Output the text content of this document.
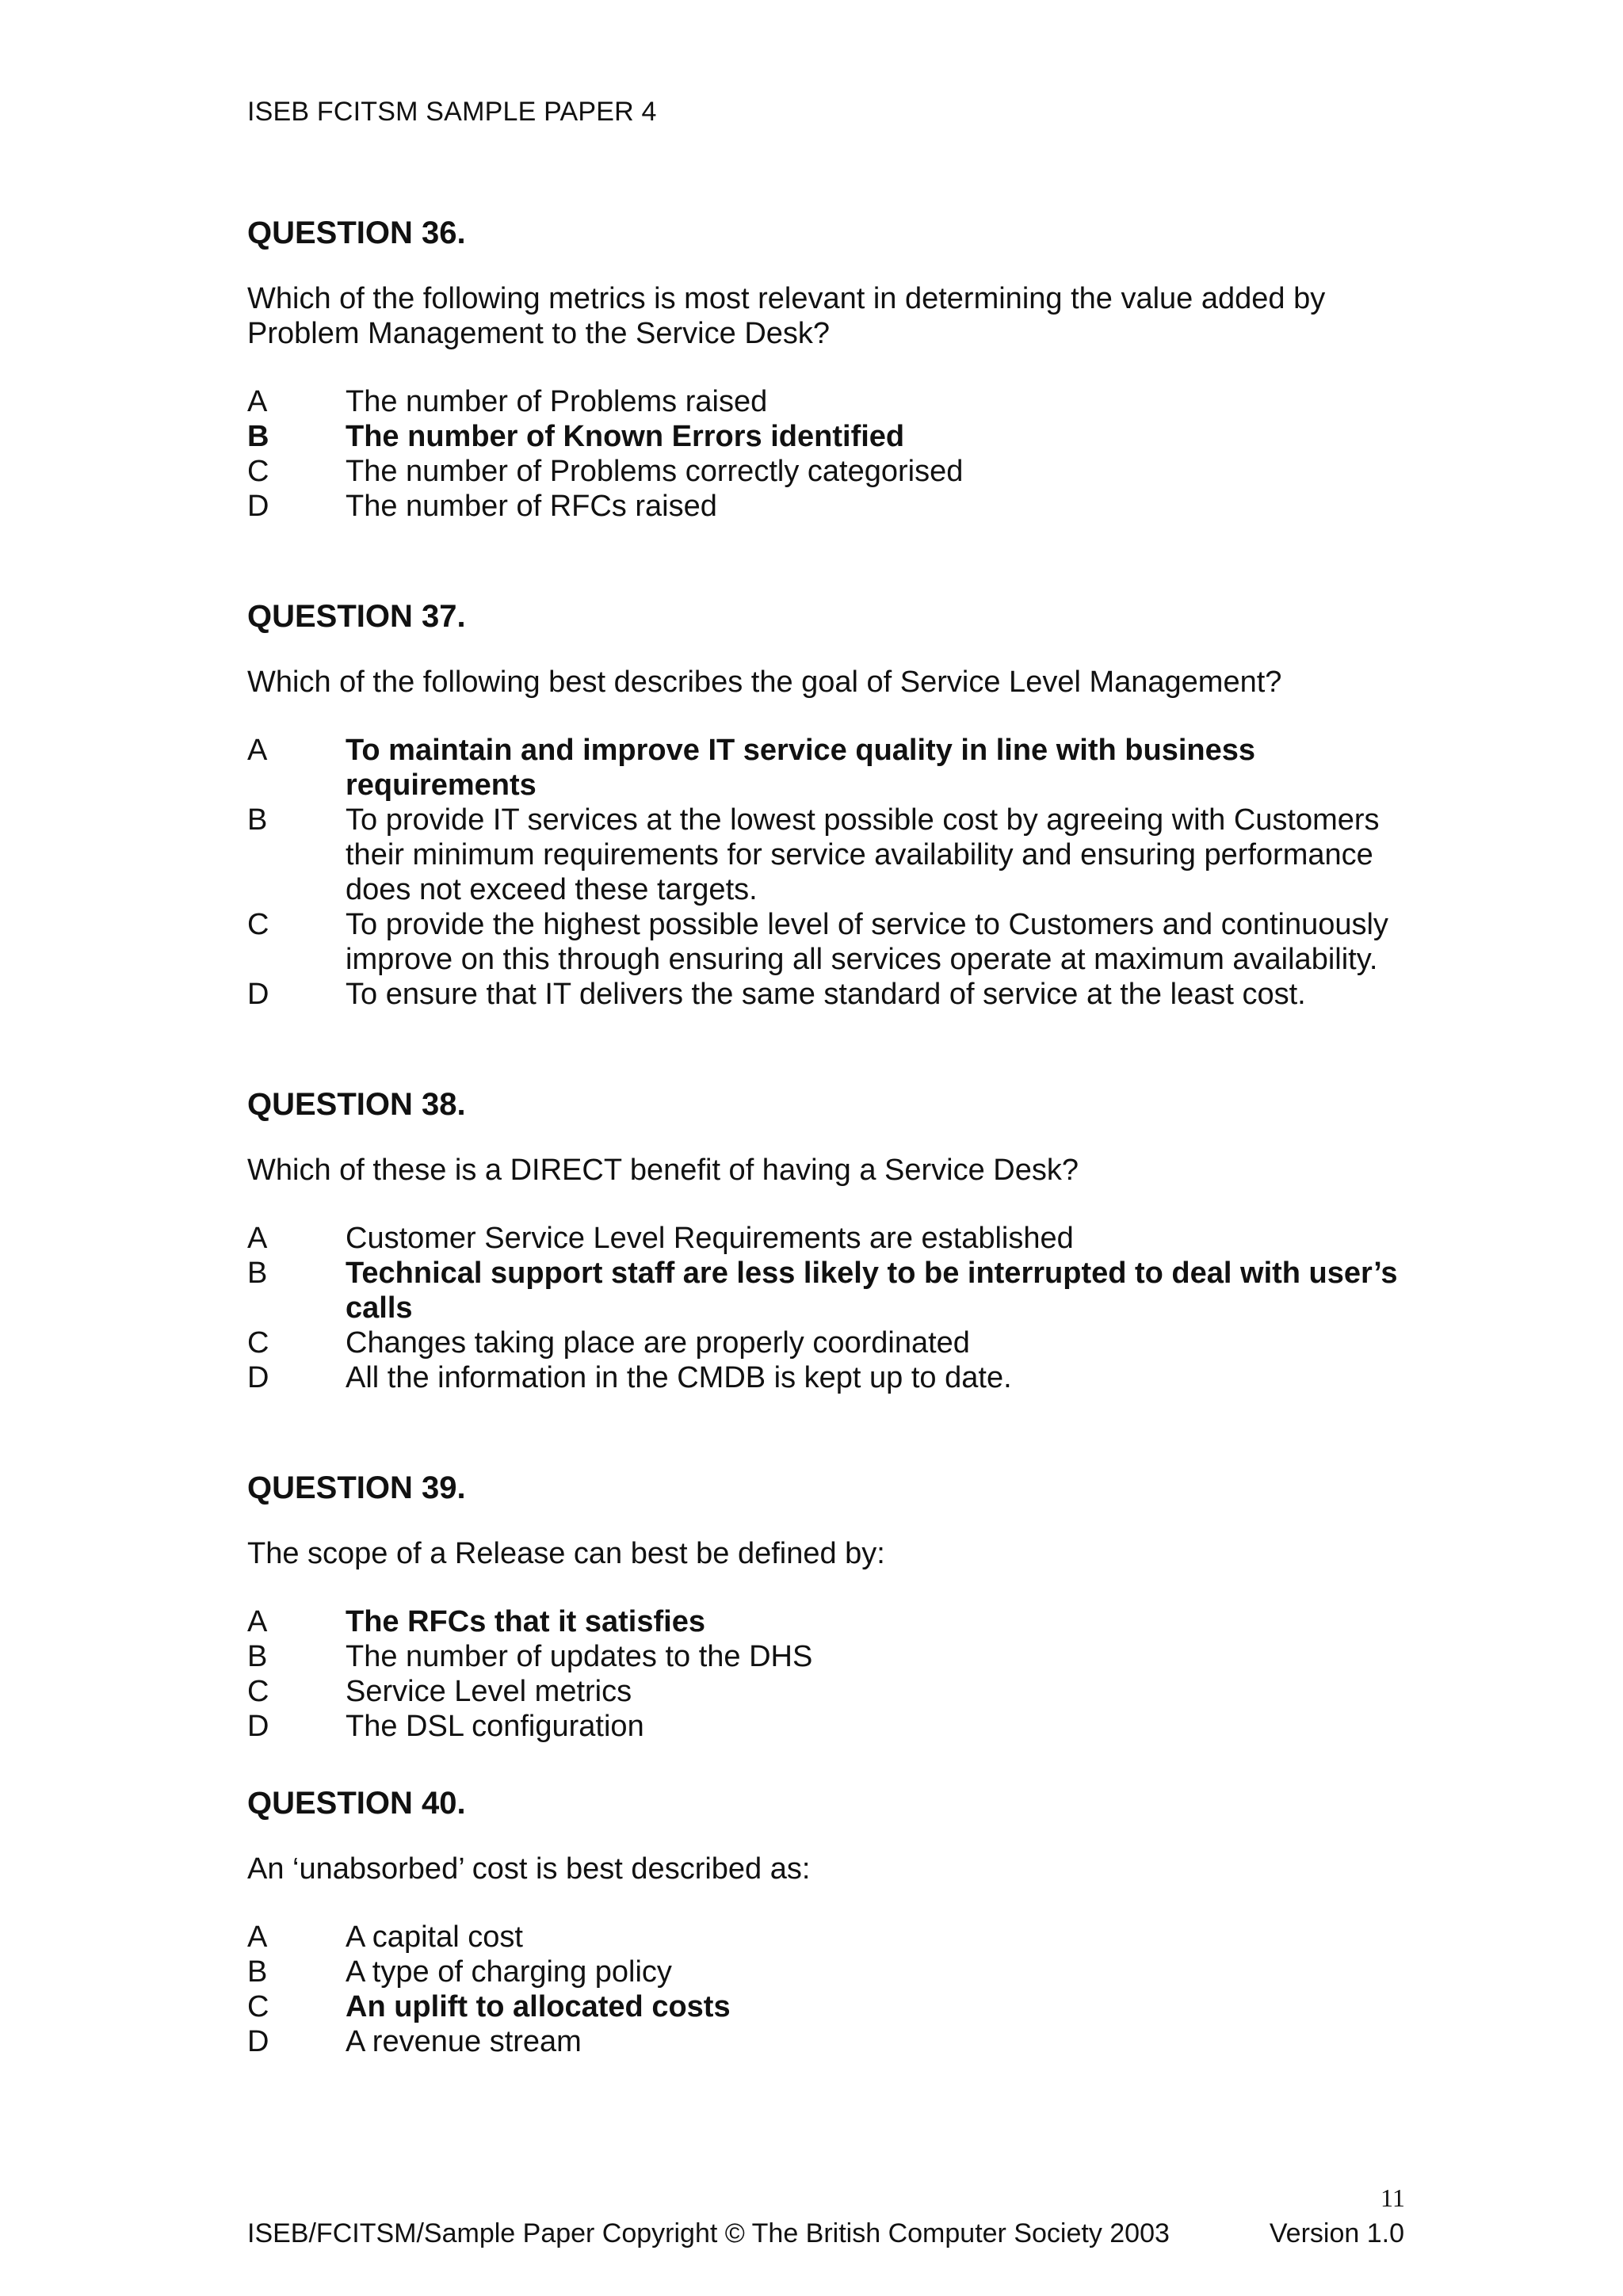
ISEB FCITSM SAMPLE PAPER 4
QUESTION 36.

Which of the following metrics is most relevant in determining the value added by Problem Management to the Service Desk?

A	The number of Problems raised
B	The number of Known Errors identified
C	The number of Problems correctly categorised
D	The number of RFCs raised
QUESTION 37.

Which of the following best describes the goal of Service Level Management?

A	To maintain and improve IT service quality in line with business requirements
B	To provide IT services at the lowest possible cost by agreeing with Customers their minimum requirements for service availability and ensuring performance does not exceed these targets.
C	To provide the highest possible level of service to Customers and continuously improve on this through ensuring all services operate at maximum availability.
D	To ensure that IT delivers the same standard of service at the least cost.
QUESTION 38.

Which of these is a DIRECT benefit of having a Service Desk?

A	Customer Service Level Requirements are established
B	Technical support staff are less likely to be interrupted to deal with user’s calls
C	Changes taking place are properly coordinated
D	All the information in the CMDB is kept up to date.
QUESTION 39.

The scope of a Release can best be defined by:

A	The RFCs that it satisfies
B	The number of updates to the DHS
C	Service Level metrics
D	The DSL configuration
QUESTION 40.

An ‘unabsorbed’ cost is best described as:

A	A capital cost
B	A type of charging policy
C	An uplift to allocated costs
D	A revenue stream
11
ISEB/FCITSM/Sample Paper Copyright © The British Computer Society 2003	Version 1.0
